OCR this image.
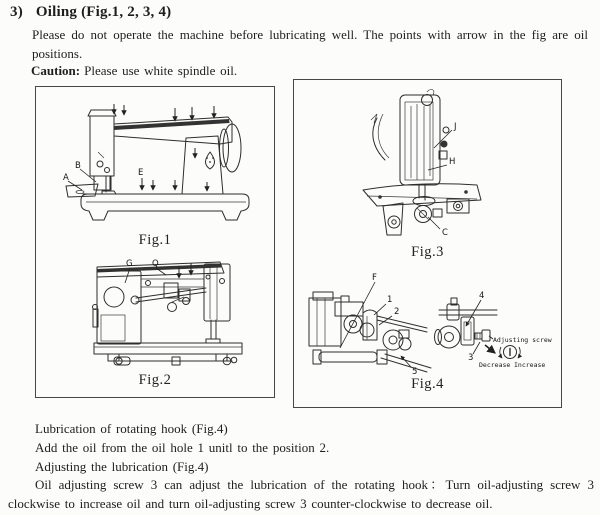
3) Oiling (Fig.1, 2, 3, 4)
Please do not operate the machine before lubricating well. The points with arrow in the fig are oil positions.
Caution: Please use white spindle oil.
B
A	E
Fig.1
G Q
Fig.2
J
H
C
Fig.3
F
1
2
5
4
3
Adjusting screw
Decrease Increase
Fig.4
Lubrication of rotating hook (Fig.4)
Add the oil from the oil hole 1 unitl to the position 2.
Adjusting the lubrication (Fig.4)
Oil adjusting screw 3 can adjust the lubrication of the rotating hook：Turn oil-adjusting screw 3 clockwise to increase oil and turn oil-adjusting screw 3 counter-clockwise to decrease oil.
